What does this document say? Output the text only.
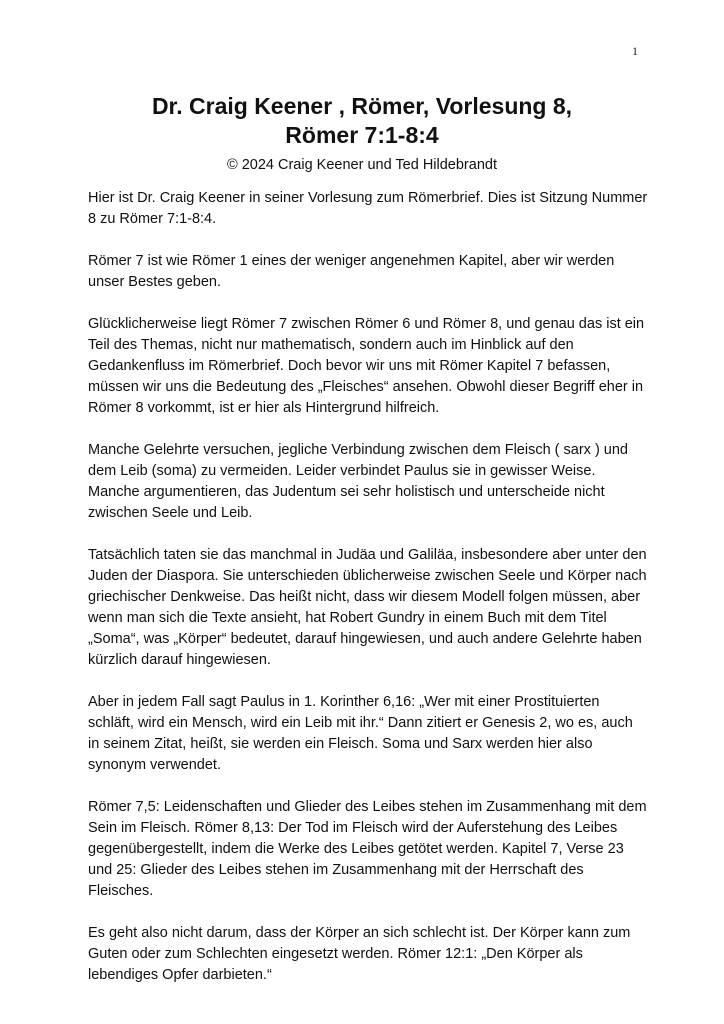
1
Dr. Craig Keener , Römer, Vorlesung 8,
Römer 7:1-8:4
© 2024 Craig Keener und Ted Hildebrandt

Hier ist Dr. Craig Keener in seiner Vorlesung zum Römerbrief. Dies ist Sitzung Nummer 8 zu Römer 7:1-8:4.

Römer 7 ist wie Römer 1 eines der weniger angenehmen Kapitel, aber wir werden unser Bestes geben.

Glücklicherweise liegt Römer 7 zwischen Römer 6 und Römer 8, und genau das ist ein Teil des Themas, nicht nur mathematisch, sondern auch im Hinblick auf den Gedankenfluss im Römerbrief. Doch bevor wir uns mit Römer Kapitel 7 befassen, müssen wir uns die Bedeutung des „Fleisches“ ansehen. Obwohl dieser Begriff eher in Römer 8 vorkommt, ist er hier als Hintergrund hilfreich.

Manche Gelehrte versuchen, jegliche Verbindung zwischen dem Fleisch ( sarx ) und dem Leib (soma) zu vermeiden. Leider verbindet Paulus sie in gewisser Weise. Manche argumentieren, das Judentum sei sehr holistisch und unterscheide nicht zwischen Seele und Leib.

Tatsächlich taten sie das manchmal in Judäa und Galiläa, insbesondere aber unter den Juden der Diaspora. Sie unterschieden üblicherweise zwischen Seele und Körper nach griechischer Denkweise. Das heißt nicht, dass wir diesem Modell folgen müssen, aber wenn man sich die Texte ansieht, hat Robert Gundry in einem Buch mit dem Titel „Soma“, was „Körper“ bedeutet, darauf hingewiesen, und auch andere Gelehrte haben kürzlich darauf hingewiesen.

Aber in jedem Fall sagt Paulus in 1. Korinther 6,16: „Wer mit einer Prostituierten schläft, wird ein Mensch, wird ein Leib mit ihr.“ Dann zitiert er Genesis 2, wo es, auch in seinem Zitat, heißt, sie werden ein Fleisch. Soma und Sarx werden hier also synonym verwendet.

Römer 7,5: Leidenschaften und Glieder des Leibes stehen im Zusammenhang mit dem Sein im Fleisch. Römer 8,13: Der Tod im Fleisch wird der Auferstehung des Leibes gegenübergestellt, indem die Werke des Leibes getötet werden. Kapitel 7, Verse 23 und 25: Glieder des Leibes stehen im Zusammenhang mit der Herrschaft des Fleisches.

Es geht also nicht darum, dass der Körper an sich schlecht ist. Der Körper kann zum Guten oder zum Schlechten eingesetzt werden. Römer 12:1: „Den Körper als lebendiges Opfer darbieten.“
